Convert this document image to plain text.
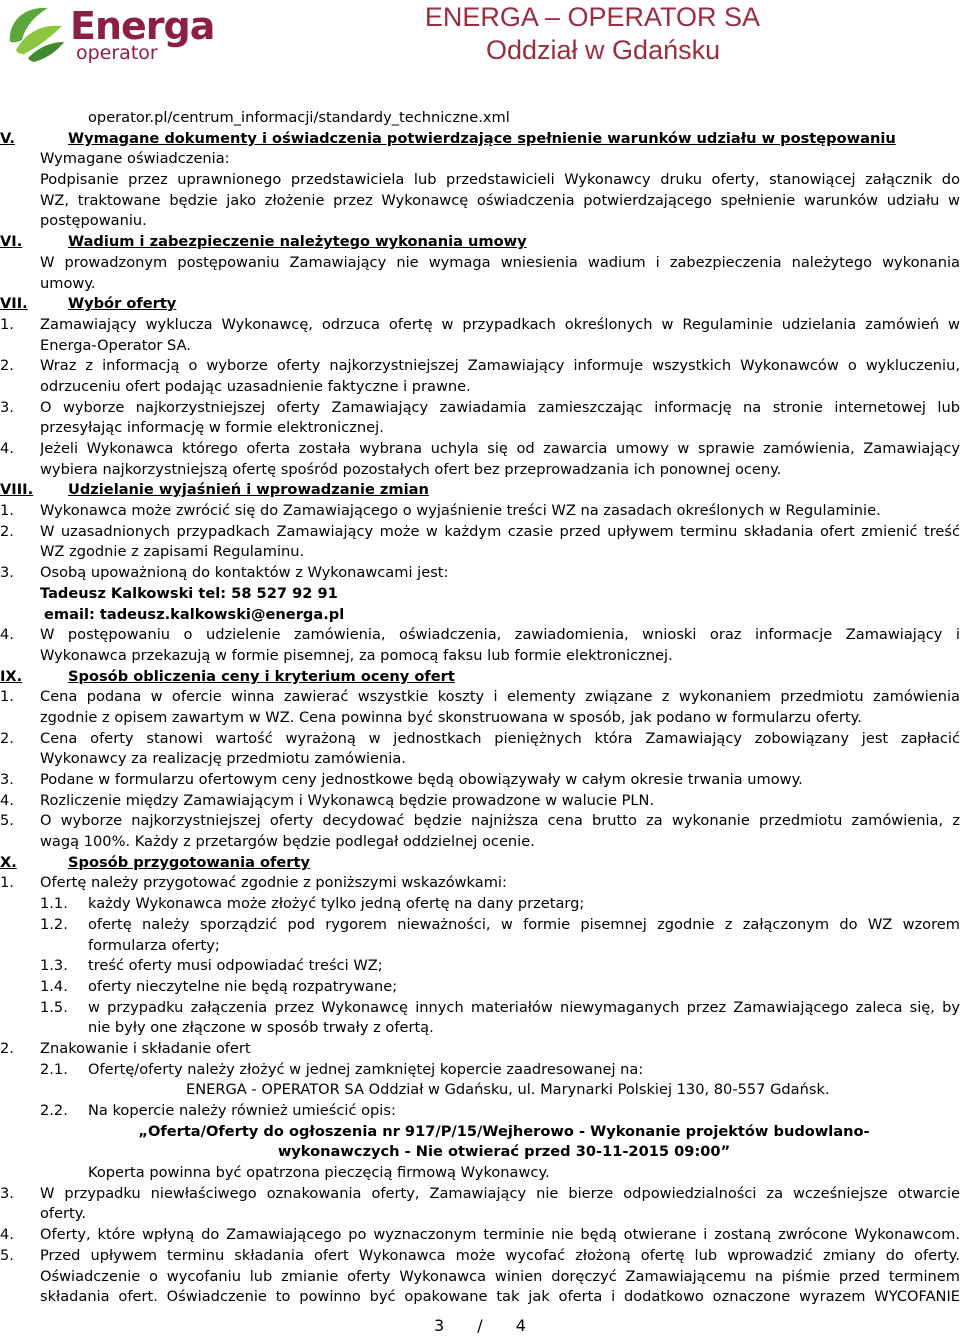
Energa
operator
ENERGA – OPERATOR SA
Oddział w Gdańsku
operator.pl/centrum_informacji/standardy_techniczne.xml
V.	Wymagane dokumenty i oświadczenia potwierdzające spełnienie warunków udziału w postępowaniu
Wymagane oświadczenia:
Podpisanie przez uprawnionego przedstawiciela lub przedstawicieli Wykonawcy druku oferty, stanowiącej załącznik do
WZ, traktowane będzie jako złożenie przez Wykonawcę oświadczenia potwierdzającego spełnienie warunków udziału w
postępowaniu.
VI.	Wadium i zabezpieczenie należytego wykonania umowy
W prowadzonym postępowaniu Zamawiający nie wymaga wniesienia wadium i zabezpieczenia należytego wykonania
umowy.
VII.	Wybór oferty
1. Zamawiający wyklucza Wykonawcę, odrzuca ofertę w przypadkach określonych w Regulaminie udzielania zamówień w
Energa-Operator SA.
2. Wraz z informacją o wyborze oferty najkorzystniejszej Zamawiający informuje wszystkich Wykonawców o wykluczeniu,
odrzuceniu ofert podając uzasadnienie faktyczne i prawne.
3. O wyborze najkorzystniejszej oferty Zamawiający zawiadamia zamieszczając informację na stronie internetowej lub
przesyłając informację w formie elektronicznej.
4. Jeżeli Wykonawca którego oferta została wybrana uchyla się od zawarcia umowy w sprawie zamówienia, Zamawiający
wybiera najkorzystniejszą ofertę spośród pozostałych ofert bez przeprowadzania ich ponownej oceny.
VIII. Udzielanie wyjaśnień i wprowadzanie zmian
1. Wykonawca może zwrócić się do Zamawiającego o wyjaśnienie treści WZ na zasadach określonych w Regulaminie.
2. W uzasadnionych przypadkach Zamawiający może w każdym czasie przed upływem terminu składania ofert zmienić treść
WZ zgodnie z zapisami Regulaminu.
3. Osobą upoważnioną do kontaktów z Wykonawcami jest:
Tadeusz Kalkowski tel: 58 527 92 91
email: tadeusz.kalkowski@energa.pl
4. W postępowaniu o udzielenie zamówienia, oświadczenia, zawiadomienia, wnioski oraz informacje Zamawiający i
Wykonawca przekazują w formie pisemnej, za pomocą faksu lub formie elektronicznej.
IX.	Sposób obliczenia ceny i kryterium oceny ofert
1. Cena podana w ofercie winna zawierać wszystkie koszty i elementy związane z wykonaniem przedmiotu zamówienia
zgodnie z opisem zawartym w WZ. Cena powinna być skonstruowana w sposób, jak podano w formularzu oferty.
2. Cena oferty stanowi wartość wyrażoną w jednostkach pieniężnych która Zamawiający zobowiązany jest zapłacić
Wykonawcy za realizację przedmiotu zamówienia.
3. Podane w formularzu ofertowym ceny jednostkowe będą obowiązywały w całym okresie trwania umowy.
4. Rozliczenie między Zamawiającym i Wykonawcą będzie prowadzone w walucie PLN.
5. O wyborze najkorzystniejszej oferty decydować będzie najniższa cena brutto za wykonanie przedmiotu zamówienia, z
wagą 100%. Każdy z przetargów będzie podlegał oddzielnej ocenie.
X.	Sposób przygotowania oferty
1. Ofertę należy przygotować zgodnie z poniższymi wskazówkami:
1.1. każdy Wykonawca może złożyć tylko jedną ofertę na dany przetarg;
1.2. ofertę należy sporządzić pod rygorem nieważności, w formie pisemnej zgodnie z załączonym do WZ wzorem
formularza oferty;
1.3. treść oferty musi odpowiadać treści WZ;
1.4. oferty nieczytelne nie będą rozpatrywane;
1.5. w przypadku załączenia przez Wykonawcę innych materiałów niewymaganych przez Zamawiającego zaleca się, by
nie były one złączone w sposób trwały z ofertą.
2. Znakowanie i składanie ofert
2.1. Ofertę/oferty należy złożyć w jednej zamkniętej kopercie zaadresowanej na:
ENERGA - OPERATOR SA Oddział w Gdańsku, ul. Marynarki Polskiej 130, 80-557 Gdańsk.
2.2. Na kopercie należy również umieścić opis:
„Oferta/Oferty do ogłoszenia nr 917/P/15/Wejherowo - Wykonanie projektów budowlano-
wykonawczych - Nie otwierać przed 30-11-2015 09:00”
Koperta powinna być opatrzona pieczęcią firmową Wykonawcy.
3. W przypadku niewłaściwego oznakowania oferty, Zamawiający nie bierze odpowiedzialności za wcześniejsze otwarcie
oferty.
4. Oferty, które wpłyną do Zamawiającego po wyznaczonym terminie nie będą otwierane i zostaną zwrócone Wykonawcom.
5. Przed upływem terminu składania ofert Wykonawca może wycofać złożoną ofertę lub wprowadzić zmiany do oferty.
Oświadczenie o wycofaniu lub zmianie oferty Wykonawca winien doręczyć Zamawiającemu na piśmie przed terminem
składania ofert. Oświadczenie to powinno być opakowane tak jak oferta i dodatkowo oznaczone wyrazem WYCOFANIE
3 / 4
